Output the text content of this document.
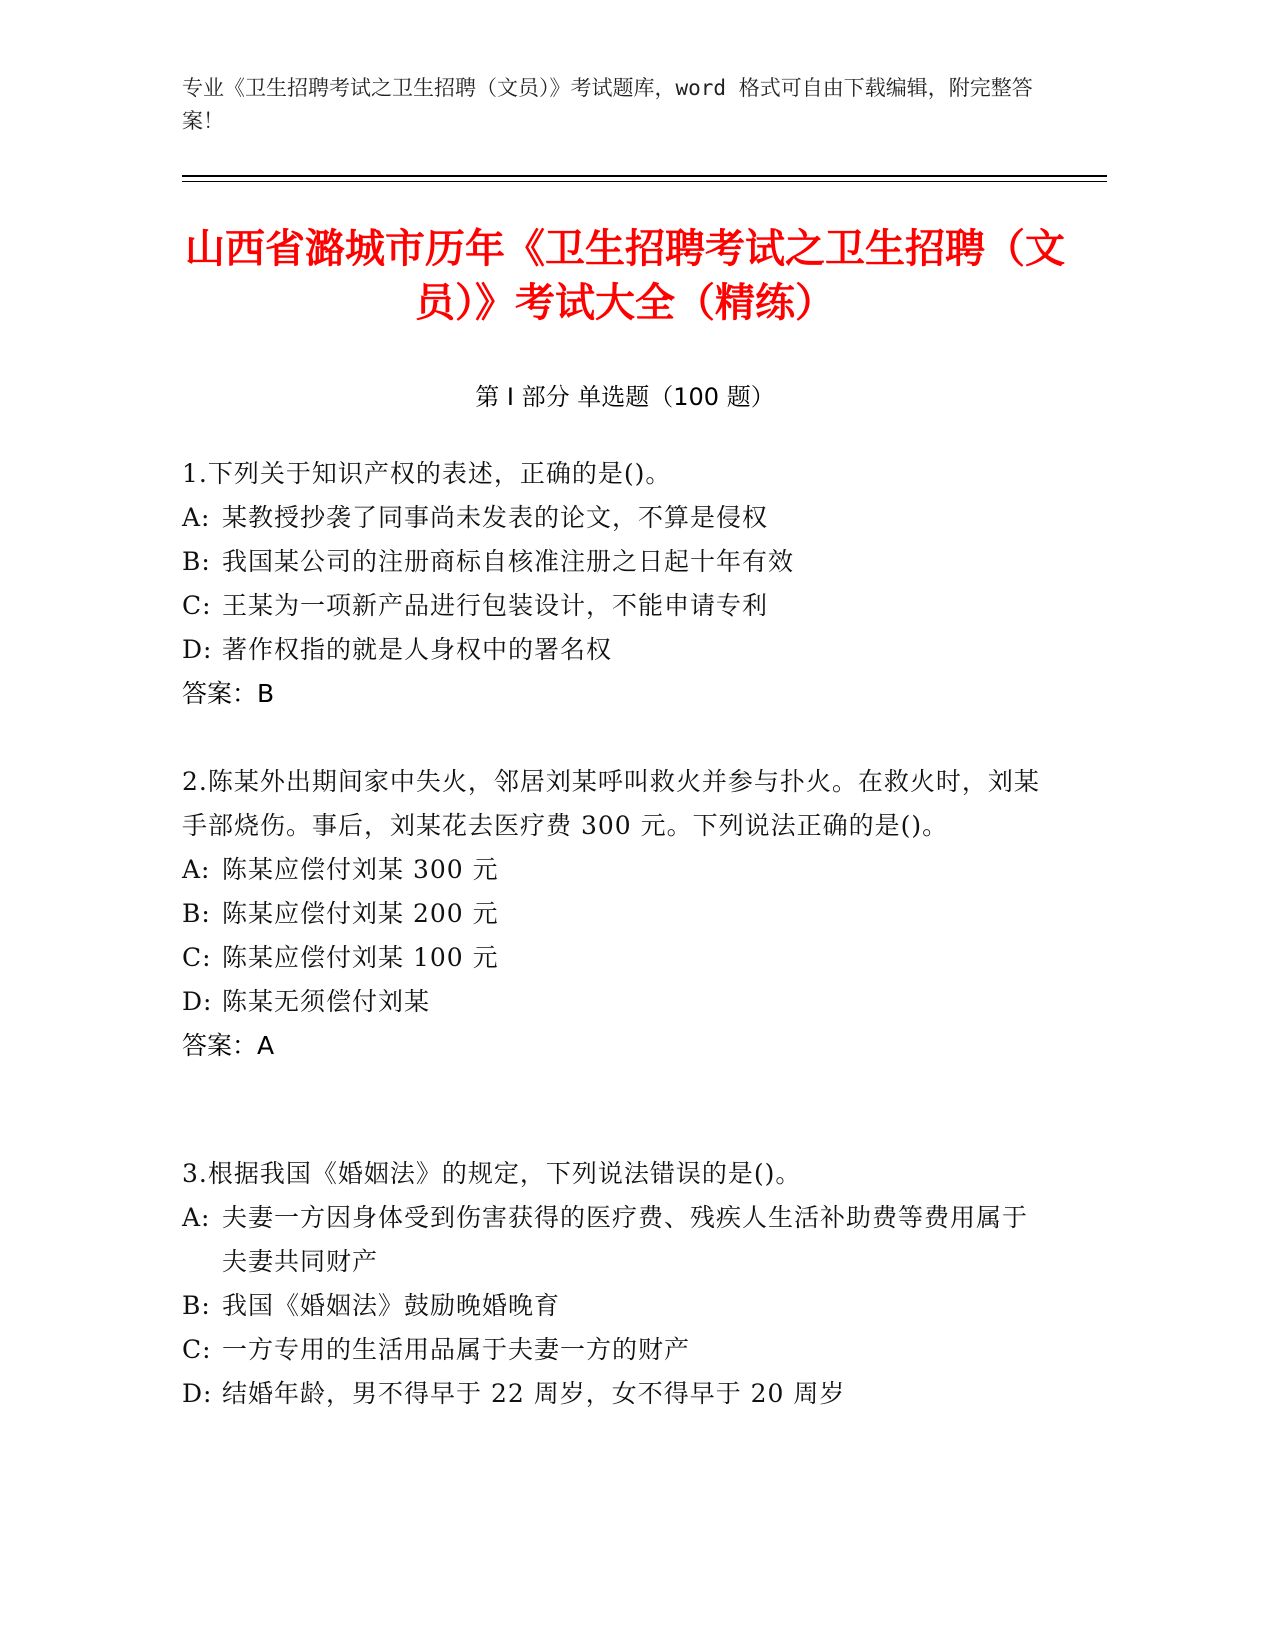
专业《卫生招聘考试之卫生招聘（文员）》考试题库，word 格式可自由下载编辑，附完整答案！
山西省潞城市历年《卫生招聘考试之卫生招聘（文员）》考试大全（精练）
第 I 部分 单选题（100 题）
1.下列关于知识产权的表述，正确的是()。
A: 某教授抄袭了同事尚未发表的论文，不算是侵权
B: 我国某公司的注册商标自核准注册之日起十年有效
C: 王某为一项新产品进行包装设计，不能申请专利
D: 著作权指的就是人身权中的署名权
答案：B
2.陈某外出期间家中失火，邻居刘某呼叫救火并参与扑火。在救火时，刘某手部烧伤。事后，刘某花去医疗费 300 元。下列说法正确的是()。
A: 陈某应偿付刘某 300 元
B: 陈某应偿付刘某 200 元
C: 陈某应偿付刘某 100 元
D: 陈某无须偿付刘某
答案：A
3.根据我国《婚姻法》的规定，下列说法错误的是()。
A: 夫妻一方因身体受到伤害获得的医疗费、残疾人生活补助费等费用属于夫妻共同财产
B: 我国《婚姻法》鼓励晚婚晚育
C: 一方专用的生活用品属于夫妻一方的财产
D: 结婚年龄，男不得早于 22 周岁，女不得早于 20 周岁
